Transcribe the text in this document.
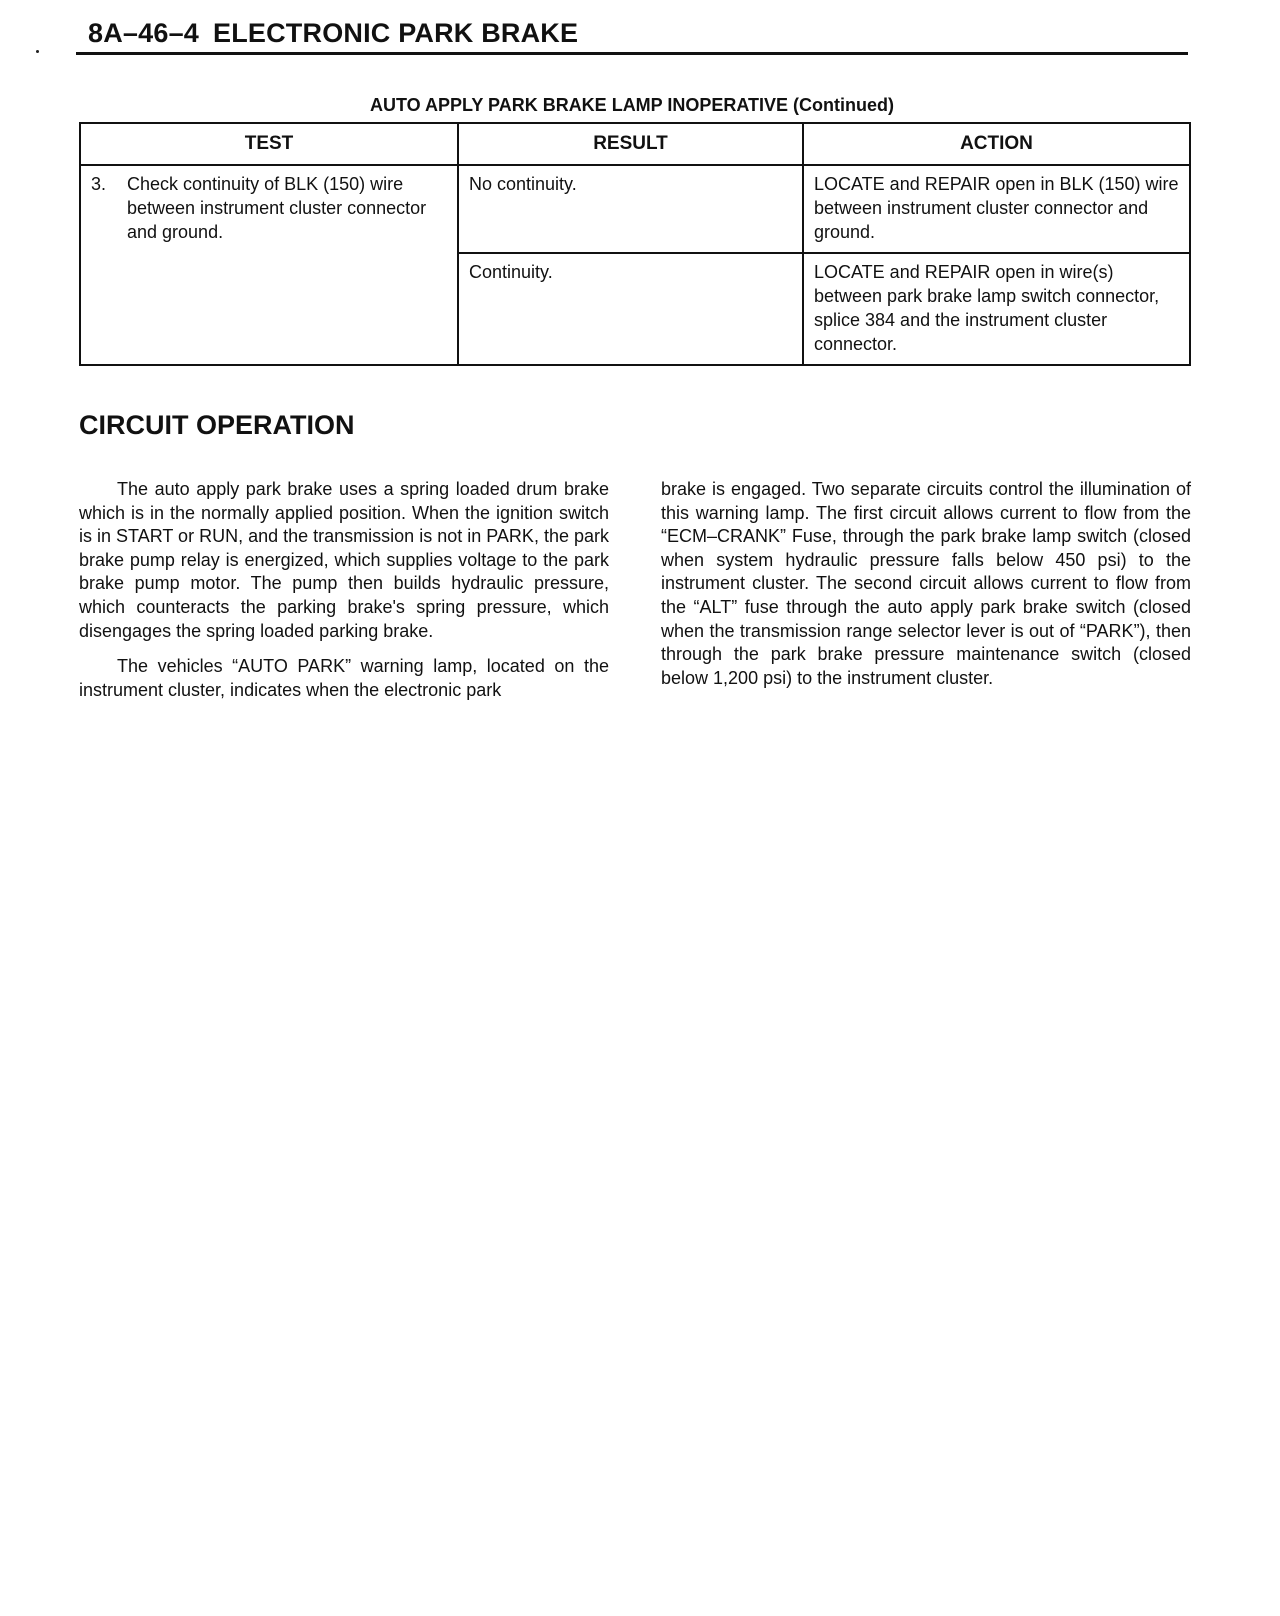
8A–46–4 ELECTRONIC PARK BRAKE
AUTO APPLY PARK BRAKE LAMP INOPERATIVE (Continued)
TEST	RESULT	ACTION

3. Check continuity of BLK (150) wire between instrument cluster connector and ground.	No continuity.	LOCATE and REPAIR open in BLK (150) wire between instrument cluster connector and ground.

	Continuity.	LOCATE and REPAIR open in wire(s) between park brake lamp switch connector, splice 384 and the instrument cluster connector.
CIRCUIT OPERATION

The auto apply park brake uses a spring loaded drum brake which is in the normally applied position. When the ignition switch is in START or RUN, and the transmission is not in PARK, the park brake pump relay is energized, which supplies voltage to the park brake pump motor. The pump then builds hydraulic pressure, which counteracts the parking brake's spring pressure, which disengages the spring loaded parking brake.

The vehicles “AUTO PARK” warning lamp, located on the instrument cluster, indicates when the electronic park

brake is engaged. Two separate circuits control the illumination of this warning lamp. The first circuit allows current to flow from the “ECM–CRANK” Fuse, through the park brake lamp switch (closed when system hydraulic pressure falls below 450 psi) to the instrument cluster. The second circuit allows current to flow from the “ALT” fuse through the auto apply park brake switch (closed when the transmission range selector lever is out of “PARK”), then through the park brake pressure maintenance switch (closed below 1,200 psi) to the instrument cluster.
